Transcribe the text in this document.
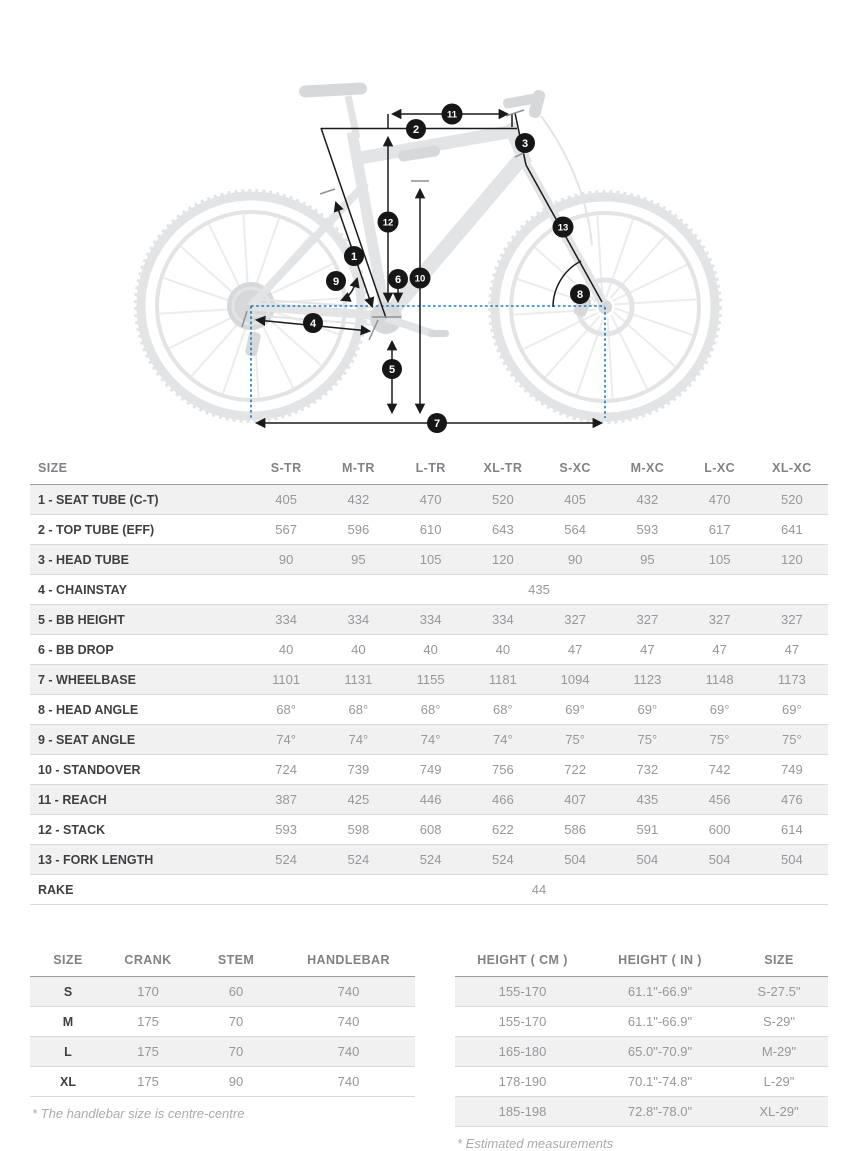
1
2
3
4
5
6
7
8
9	10
11
12	13
SIZE	S-TR	M-TR	L-TR	XL-TR	S-XC	M-XC	L-XC	XL-XC
1 - SEAT TUBE (C-T)	405	432	470	520	405	432	470	520
2 - TOP TUBE (EFF)	567	596	610	643	564	593	617	641
3 - HEAD TUBE	90	95	105	120	90	95	105	120
4 - CHAINSTAY	435							
5 - BB HEIGHT	334	334	334	334	327	327	327	327
6 - BB DROP	40	40	40	40	47	47	47	47
7 - WHEELBASE	1101	1131	1155	1181	1094	1123	1148	1173
8 - HEAD ANGLE	68°	68°	68°	68°	69°	69°	69°	69°
9 - SEAT ANGLE	74°	74°	74°	74°	75°	75°	75°	75°
10 - STANDOVER	724	739	749	756	722	732	742	749
11 - REACH	387	425	446	466	407	435	456	476
12 - STACK	593	598	608	622	586	591	600	614
13 - FORK LENGTH	524	524	524	524	504	504	504	504
RAKE	44							
SIZE	CRANK	STEM	HANDLEBAR
S	170	60	740
M	175	70	740
L	175	70	740
XL	175	90	740
* The handlebar size is centre-centre
HEIGHT ( CM )	HEIGHT ( IN )	SIZE
155-170	61.1"-66.9"	S-27.5"
155-170	61.1"-66.9"	S-29"
165-180	65.0"-70.9"	M-29"
178-190	70.1"-74.8"	L-29"
185-198	72.8"-78.0"	XL-29"
* Estimated measurements
